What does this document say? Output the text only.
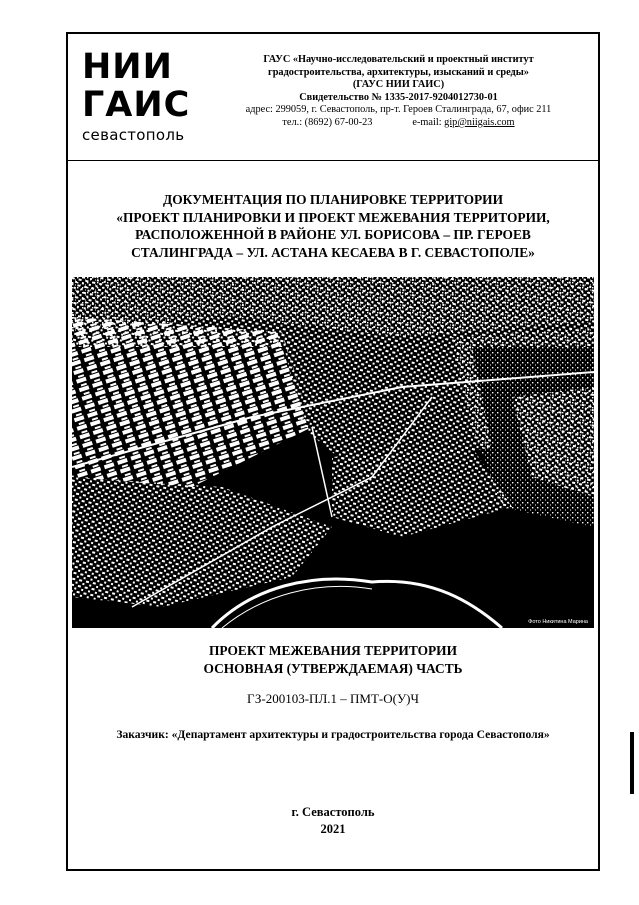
НИИ
ГАИС
севастополь
ГАУС «Научно-исследовательский и проектный институт
градостроительства, архитектуры, изысканий и среды»
(ГАУС НИИ ГАИС)
Свидетельство № 1335-2017-9204012730-01
адрес: 299059, г. Севастополь, пр-т. Героев Сталинграда, 67, офис 211
тел.: (8692) 67-00-23	e-mail: gip@niigais.com
ДОКУМЕНТАЦИЯ ПО ПЛАНИРОВКЕ ТЕРРИТОРИИ
«ПРОЕКТ ПЛАНИРОВКИ И ПРОЕКТ МЕЖЕВАНИЯ ТЕРРИТОРИИ,
РАСПОЛОЖЕННОЙ В РАЙОНЕ УЛ. БОРИСОВА – ПР. ГЕРОЕВ
СТАЛИНГРАДА – УЛ. АСТАНА КЕСАЕВА В Г. СЕВАСТОПОЛЕ»
Фото Никитина Марина
ПРОЕКТ МЕЖЕВАНИЯ ТЕРРИТОРИИ
ОСНОВНАЯ (УТВЕРЖДАЕМАЯ) ЧАСТЬ
ГЗ-200103-ПЛ.1 – ПМТ-О(У)Ч
Заказчик: «Департамент архитектуры и градостроительства города Севастополя»
г. Севастополь
2021
